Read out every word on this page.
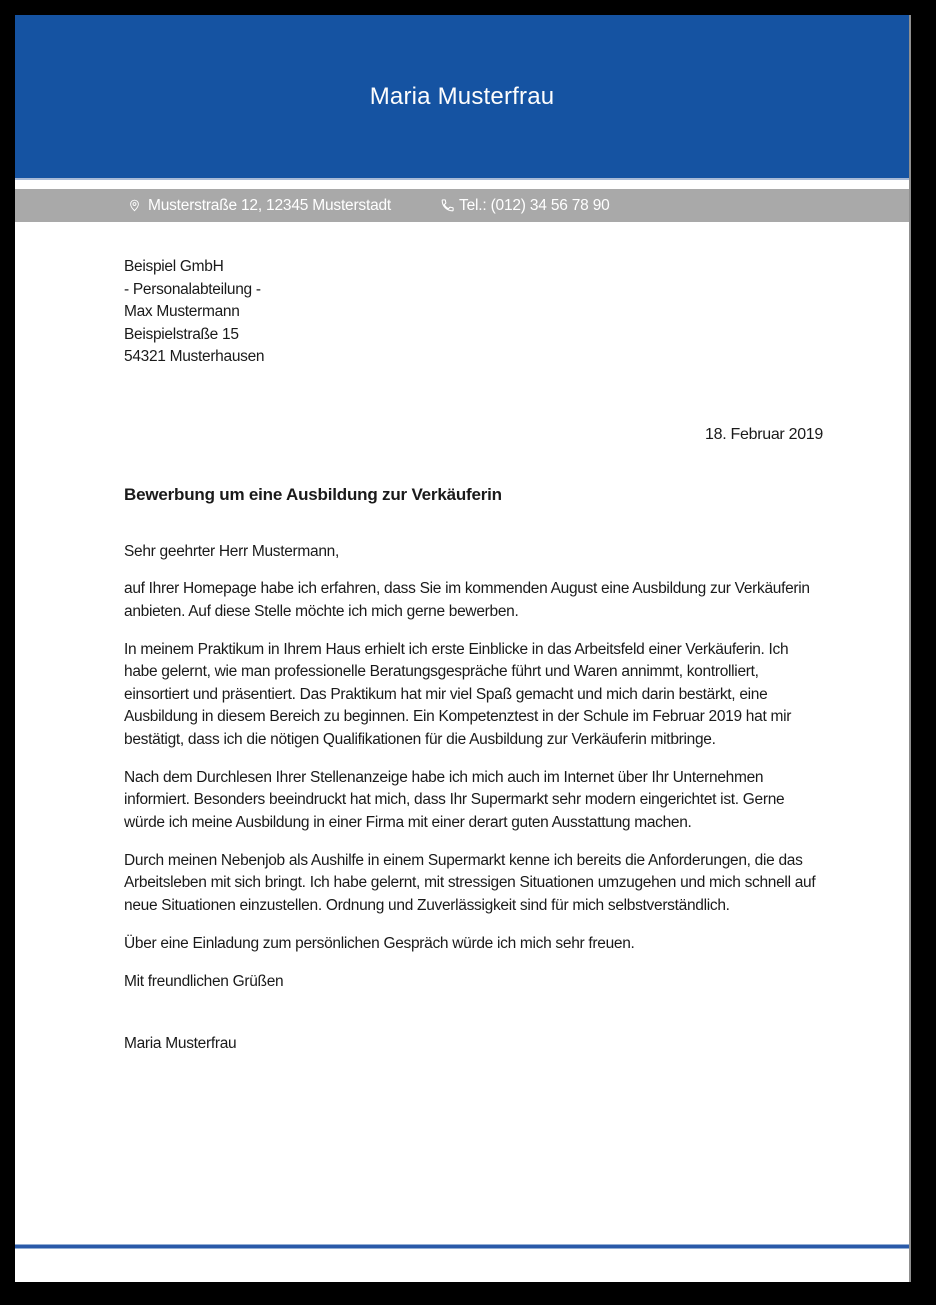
Maria Musterfrau
Musterstraße 12, 12345 Musterstadt	Tel.: (012) 34 56 78 90
Beispiel GmbH
- Personalabteilung -
Max Mustermann
Beispielstraße 15
54321 Musterhausen
18. Februar 2019
Bewerbung um eine Ausbildung zur Verkäuferin
Sehr geehrter Herr Mustermann,

auf Ihrer Homepage habe ich erfahren, dass Sie im kommenden August eine Ausbildung zur Verkäuferin anbieten. Auf diese Stelle möchte ich mich gerne bewerben.

In meinem Praktikum in Ihrem Haus erhielt ich erste Einblicke in das Arbeitsfeld einer Verkäuferin. Ich habe gelernt, wie man professionelle Beratungsgespräche führt und Waren annimmt, kontrolliert, einsortiert und präsentiert. Das Praktikum hat mir viel Spaß gemacht und mich darin bestärkt, eine Ausbildung in diesem Bereich zu beginnen. Ein Kompetenztest in der Schule im Februar 2019 hat mir bestätigt, dass ich die nötigen Qualifikationen für die Ausbildung zur Verkäuferin mitbringe.

Nach dem Durchlesen Ihrer Stellenanzeige habe ich mich auch im Internet über Ihr Unternehmen informiert. Besonders beeindruckt hat mich, dass Ihr Supermarkt sehr modern eingerichtet ist. Gerne würde ich meine Ausbildung in einer Firma mit einer derart guten Ausstattung machen.

Durch meinen Nebenjob als Aushilfe in einem Supermarkt kenne ich bereits die Anforderungen, die das Arbeitsleben mit sich bringt. Ich habe gelernt, mit stressigen Situationen umzugehen und mich schnell auf neue Situationen einzustellen. Ordnung und Zuverlässigkeit sind für mich selbstverständlich.

Über eine Einladung zum persönlichen Gespräch würde ich mich sehr freuen.

Mit freundlichen Grüßen
Maria Musterfrau
